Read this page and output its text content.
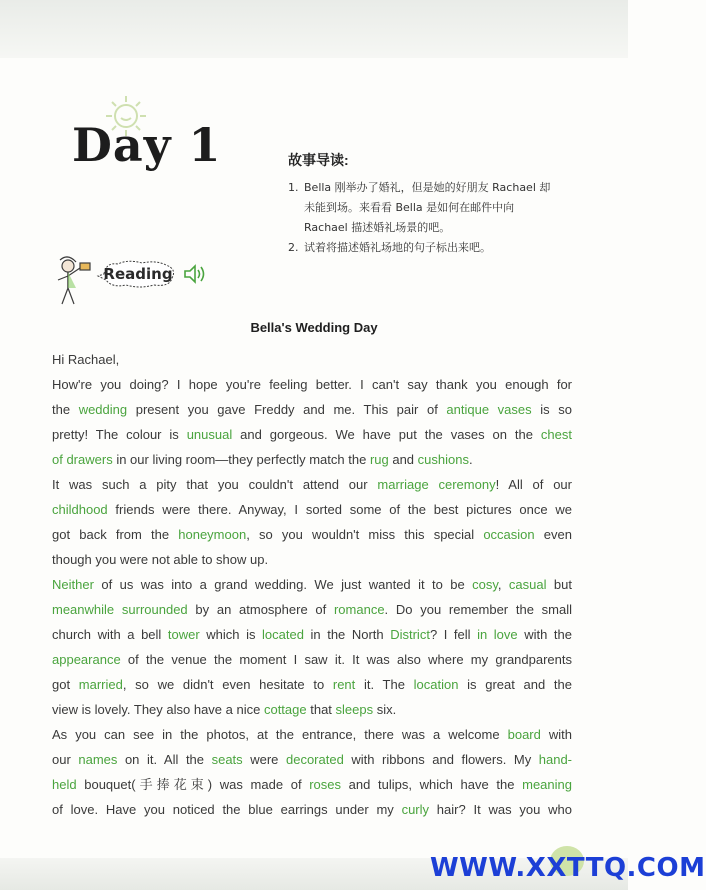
Day 1	故事导读:

1. Bella 刚举办了婚礼，但是她的好朋友 Rachael 却
未能到场。来看看 Bella 是如何在邮件中向
Rachael 描述婚礼场景的吧。
2. 试着将描述婚礼场地的句子标出来吧。
Reading
Bella's Wedding Day
Hi Rachael,
How're you doing? I hope you're feeling better. I can't say thank you enough for
the wedding present you gave Freddy and me. This pair of antique vases is so
pretty! The colour is unusual and gorgeous. We have put the vases on the chest
of drawers in our living room—they perfectly match the rug and cushions.
It was such a pity that you couldn't attend our marriage ceremony! All of our
childhood friends were there. Anyway, I sorted some of the best pictures once we
got back from the honeymoon, so you wouldn't miss this special occasion even
though you were not able to show up.
Neither of us was into a grand wedding. We just wanted it to be cosy, casual but
meanwhile surrounded by an atmosphere of romance. Do you remember the small
church with a bell tower which is located in the North District? I fell in love with the
appearance of the venue the moment I saw it. It was also where my grandparents
got married, so we didn't even hesitate to rent it. The location is great and the
view is lovely. They also have a nice cottage that sleeps six.
As you can see in the photos, at the entrance, there was a welcome board with
our names on it. All the seats were decorated with ribbons and flowers. My hand-
held bouquet(手捧花束) was made of roses and tulips, which have the meaning
of love. Have you noticed the blue earrings under my curly hair? It was you who
WWW.XXTTQ.COM
